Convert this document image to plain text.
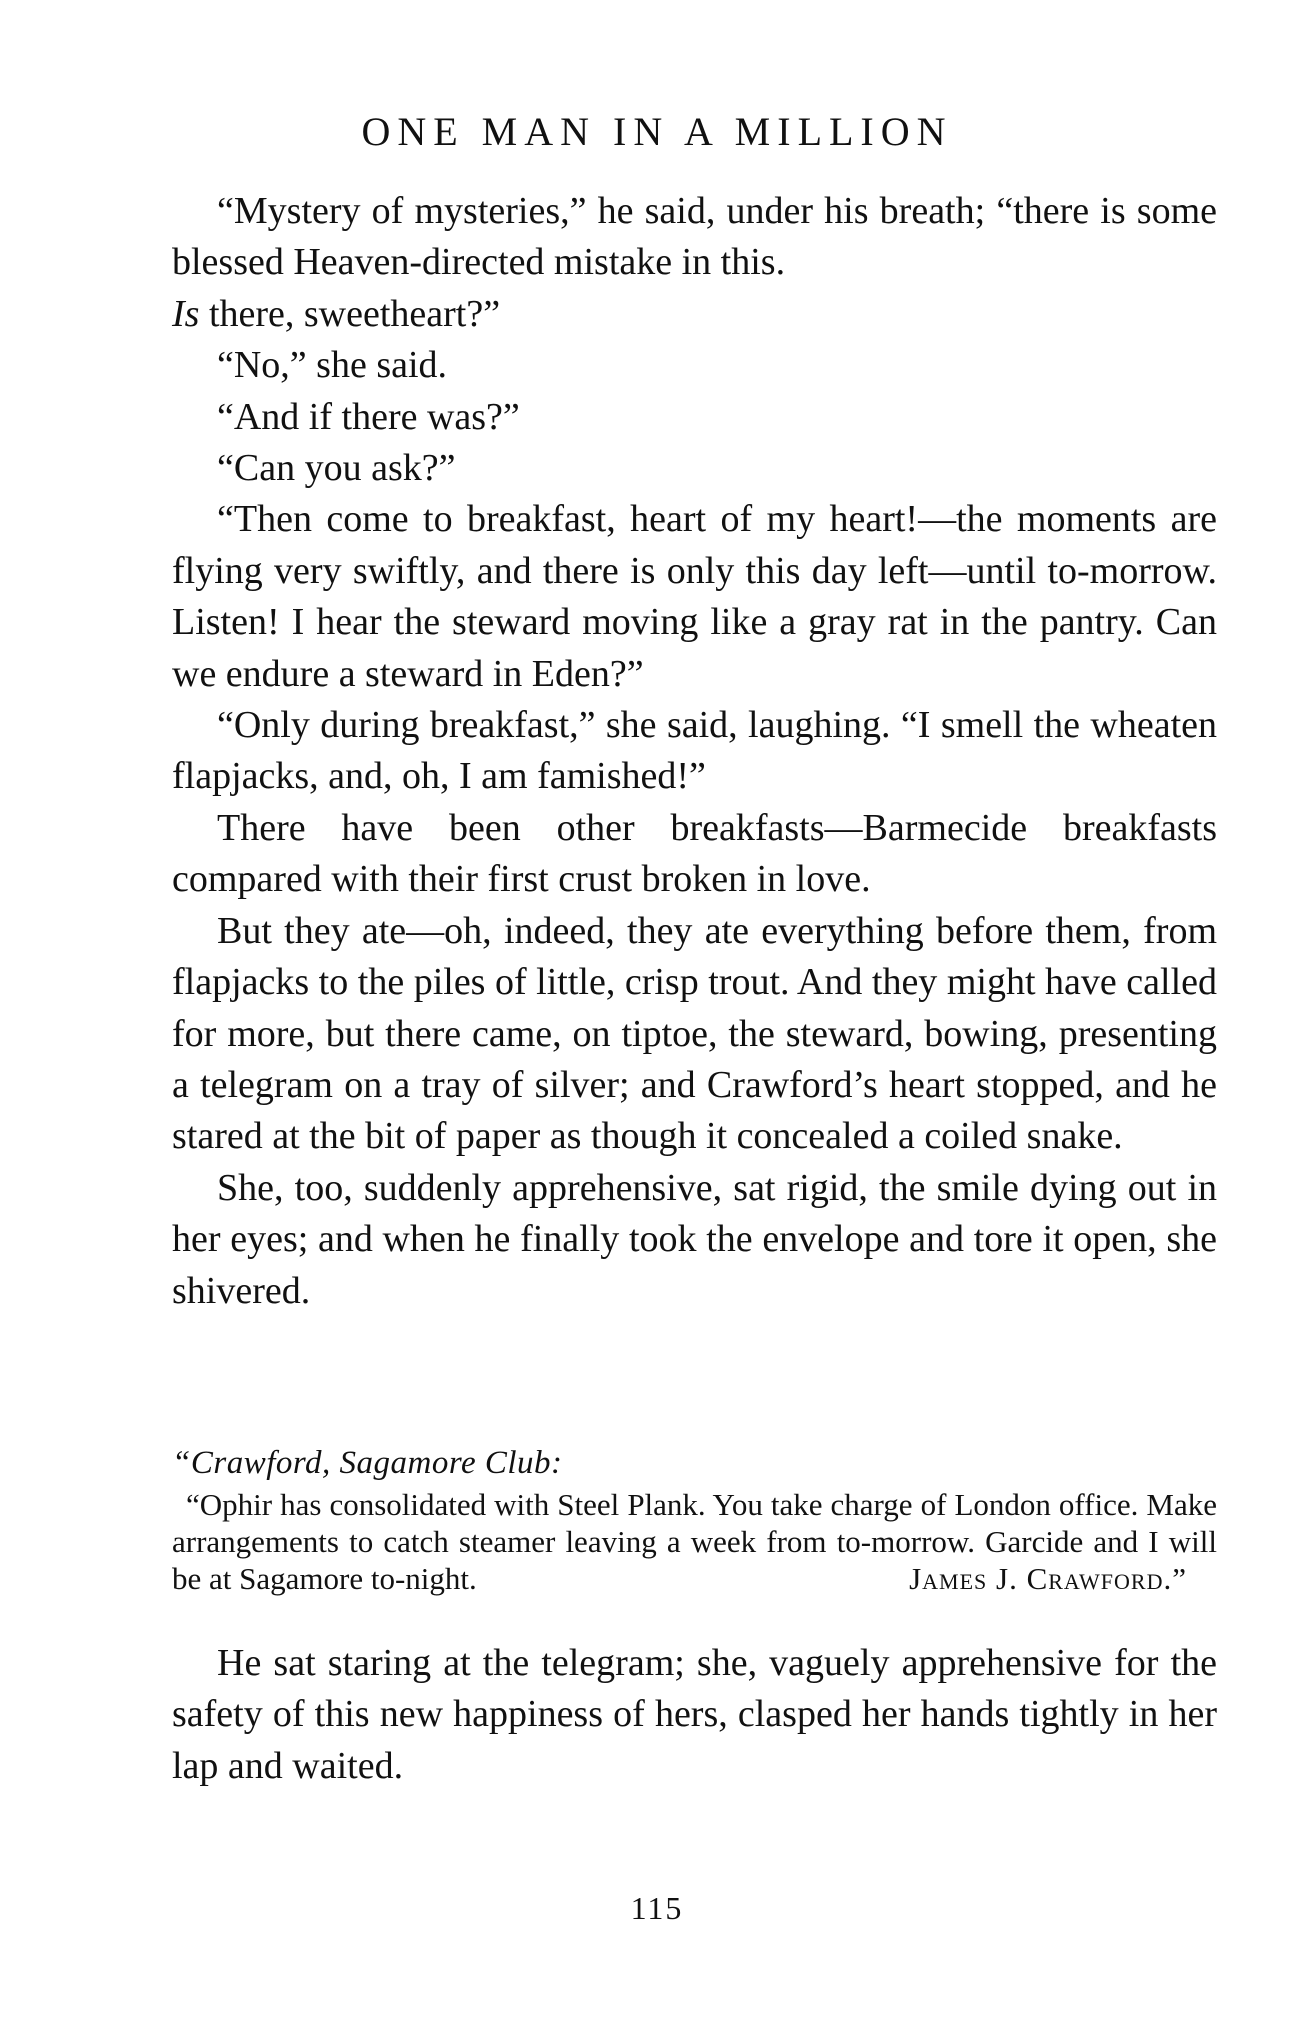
ONE MAN IN A MILLION

“Mystery of mysteries,” he said, under his breath; “there is some blessed Heaven-directed mistake in this.

Is there, sweetheart?”

“No,” she said.

“And if there was?”

“Can you ask?”

“Then come to breakfast, heart of my heart!—the moments are flying very swiftly, and there is only this day left—until to-morrow. Listen! I hear the steward moving like a gray rat in the pantry. Can we endure a steward in Eden?”

“Only during breakfast,” she said, laughing. “I smell the wheaten flapjacks, and, oh, I am famished!”

There have been other breakfasts—Barmecide breakfasts compared with their first crust broken in love.

But they ate—oh, indeed, they ate everything before them, from flapjacks to the piles of little, crisp trout. And they might have called for more, but there came, on tiptoe, the steward, bowing, presenting a telegram on a tray of silver; and Crawford’s heart stopped, and he stared at the bit of paper as though it concealed a coiled snake.

She, too, suddenly apprehensive, sat rigid, the smile dying out in her eyes; and when he finally took the envelope and tore it open, she shivered.

“Crawford, Sagamore Club:

“Ophir has consolidated with Steel Plank. You take charge of London office. Make arrangements to catch steamer leaving a week from to-morrow. Garcide and I will be at Sagamore to-night.	James J. Crawford.”

He sat staring at the telegram; she, vaguely apprehensive for the safety of this new happiness of hers, clasped her hands tightly in her lap and waited.

115
